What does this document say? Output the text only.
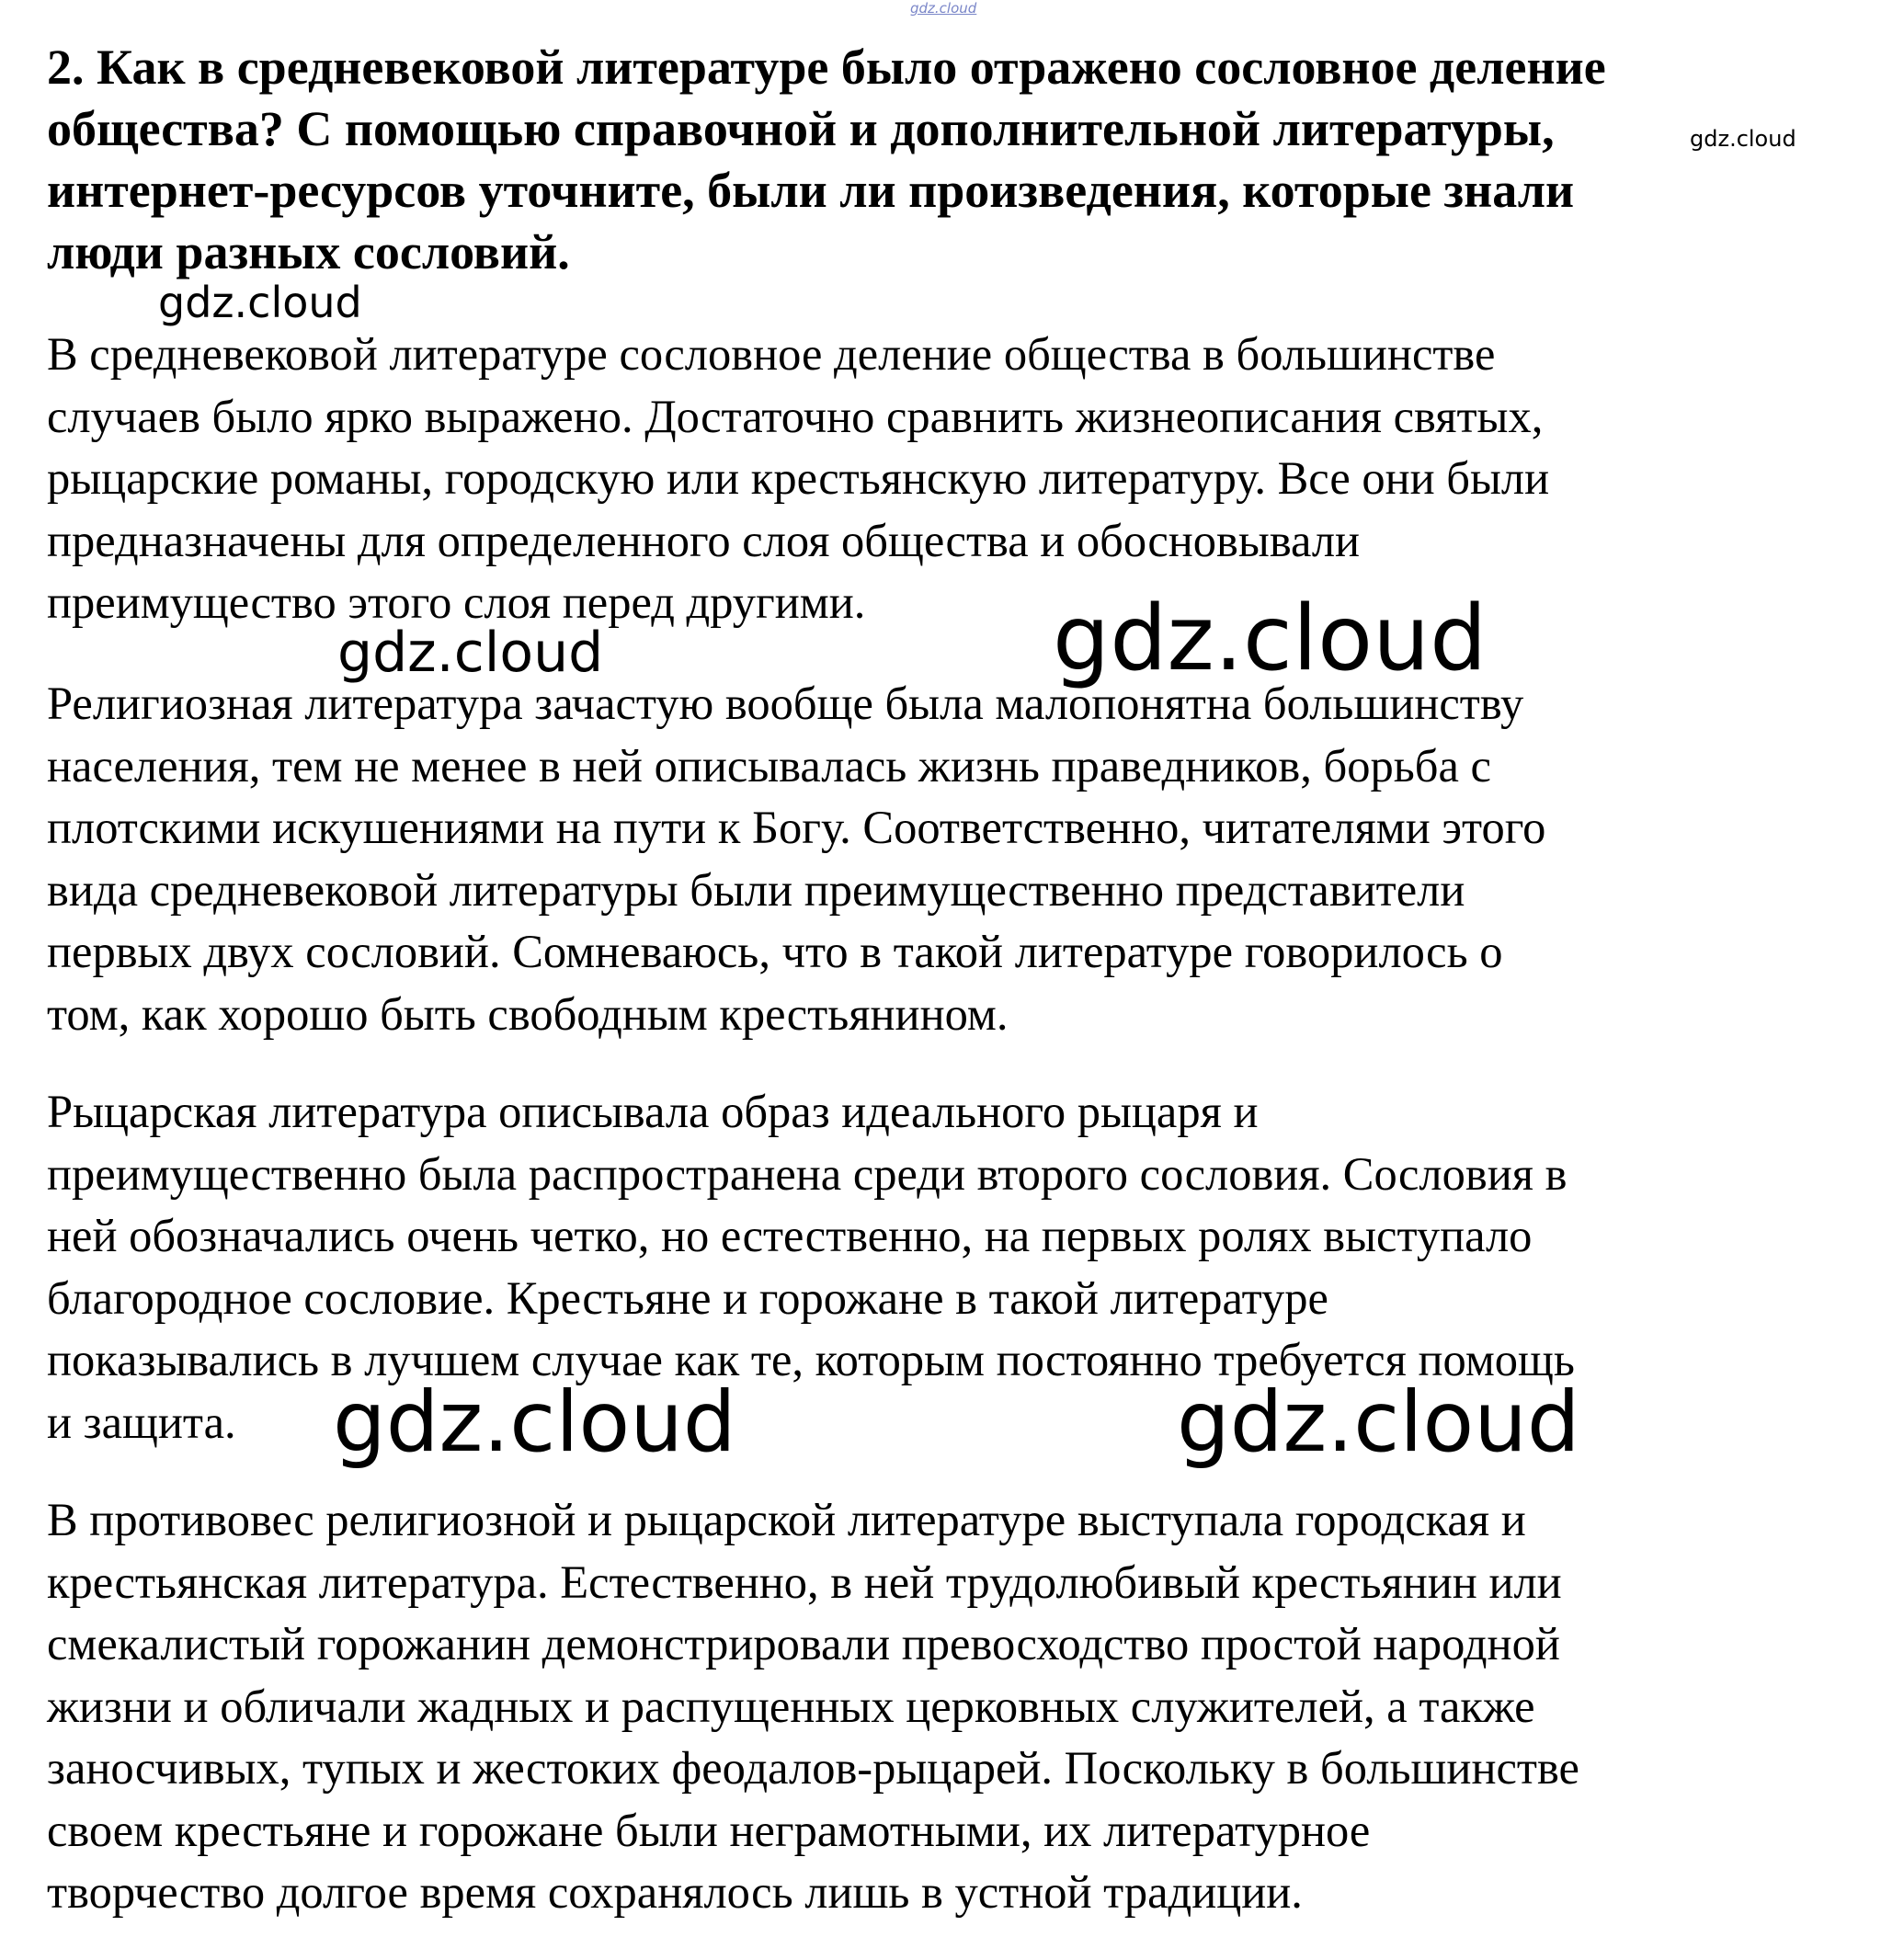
2. Как в средневековой литературе было отражено сословное деление
общества? С помощью справочной и дополнительной литературы,
интернет-ресурсов уточните, были ли произведения, которые знали
люди разных сословий.

В средневековой литературе сословное деление общества в большинстве
случаев было ярко выражено. Достаточно сравнить жизнеописания святых,
рыцарские романы, городскую или крестьянскую литературу. Все они были
предназначены для определенного слоя общества и обосновывали
преимущество этого слоя перед другими.

Религиозная литература зачастую вообще была малопонятна большинству
населения, тем не менее в ней описывалась жизнь праведников, борьба с
плотскими искушениями на пути к Богу. Соответственно, читателями этого
вида средневековой литературы были преимущественно представители
первых двух сословий. Сомневаюсь, что в такой литературе говорилось о
том, как хорошо быть свободным крестьянином.

Рыцарская литература описывала образ идеального рыцаря и
преимущественно была распространена среди второго сословия. Сословия в
ней обозначались очень четко, но естественно, на первых ролях выступало
благородное сословие. Крестьяне и горожане в такой литературе
показывались в лучшем случае как те, которым постоянно требуется помощь
и защита.

В противовес религиозной и рыцарской литературе выступала городская и
крестьянская литература. Естественно, в ней трудолюбивый крестьянин или
смекалистый горожанин демонстрировали превосходство простой народной
жизни и обличали жадных и распущенных церковных служителей, а также
заносчивых, тупых и жестоких феодалов-рыцарей. Поскольку в большинстве
своем крестьяне и горожане были неграмотными, их литературное
творчество долгое время сохранялось лишь в устной традиции.

gdz.cloud
gdz.cloud
gdz.cloud
gdz.cloud	gdz.cloud
gdz.cloud	gdz.cloud
